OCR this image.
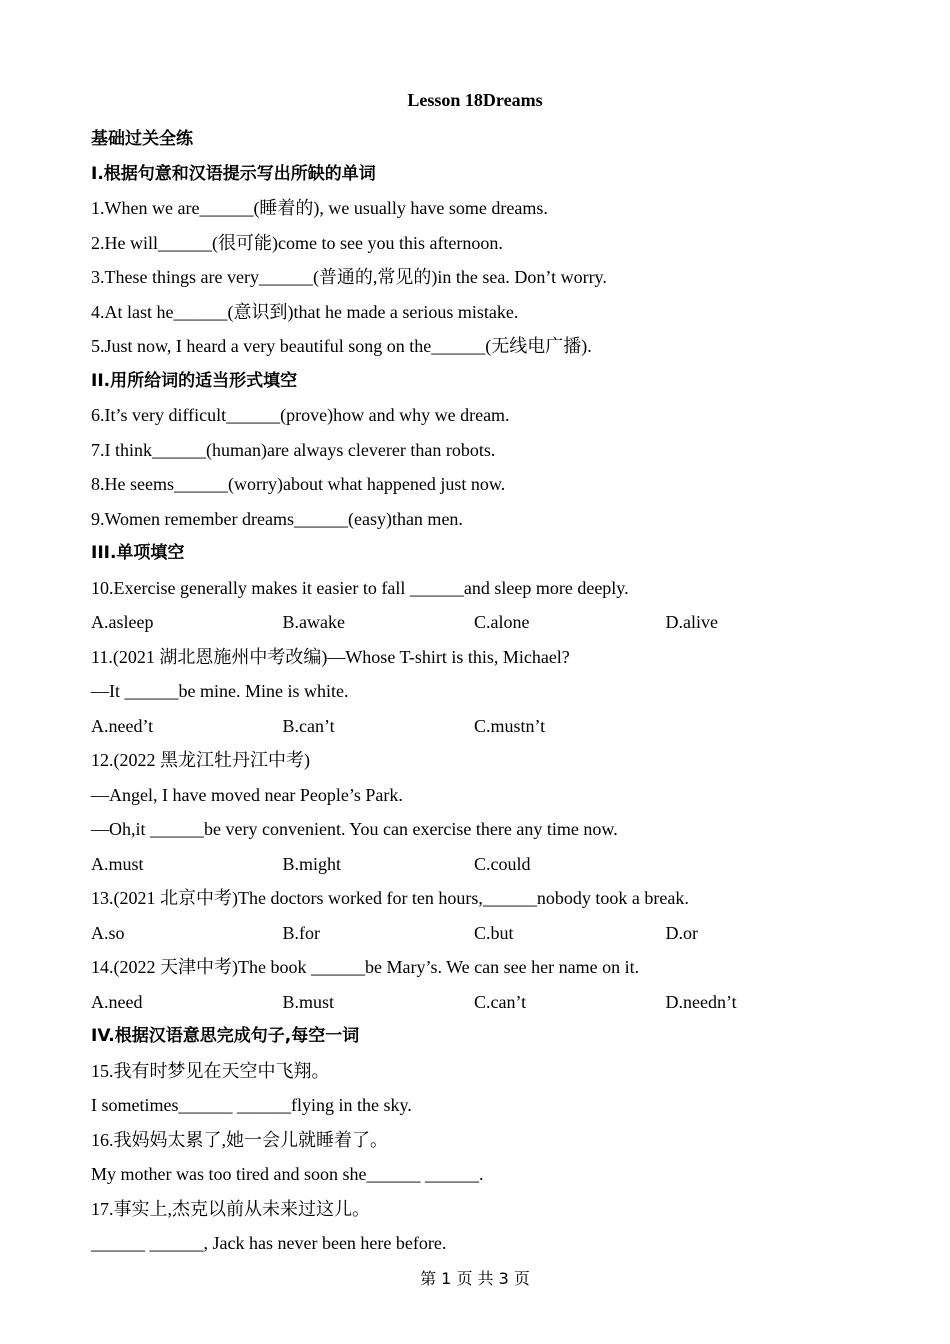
Lesson 18Dreams
基础过关全练
I.根据句意和汉语提示写出所缺的单词
1.When we are______(睡着的), we usually have some dreams.
2.He will______(很可能)come to see you this afternoon.
3.These things are very______(普通的,常见的)in the sea. Don’t worry.
4.At last he______(意识到)that he made a serious mistake.
5.Just now, I heard a very beautiful song on the______(无线电广播).
II.用所给词的适当形式填空
6.It’s very difficult______(prove)how and why we dream.
7.I think______(human)are always cleverer than robots.
8.He seems______(worry)about what happened just now.
9.Women remember dreams______(easy)than men.
III.单项填空
10.Exercise generally makes it easier to fall ______and sleep more deeply.
A.asleep	B.awake	C.alone	D.alive
11.(2021 湖北恩施州中考改编)—Whose T-shirt is this, Michael?
—It ______be mine. Mine is white.
A.need’t	B.can’t	C.mustn’t
12.(2022 黑龙江牡丹江中考)
—Angel, I have moved near People’s Park.
—Oh,it ______be very convenient. You can exercise there any time now.
A.must	B.might	C.could
13.(2021 北京中考)The doctors worked for ten hours,______nobody took a break.
A.so	B.for	C.but	D.or
14.(2022 天津中考)The book ______be Mary’s. We can see her name on it.
A.need	B.must	C.can’t	D.needn’t
IV.根据汉语意思完成句子,每空一词
15.我有时梦见在天空中飞翔。
I sometimes______ ______flying in the sky.
16.我妈妈太累了,她一会儿就睡着了。
My mother was too tired and soon she______ ______.
17.事实上,杰克以前从未来过这儿。
______ ______, Jack has never been here before.
第 1 页 共 3 页
